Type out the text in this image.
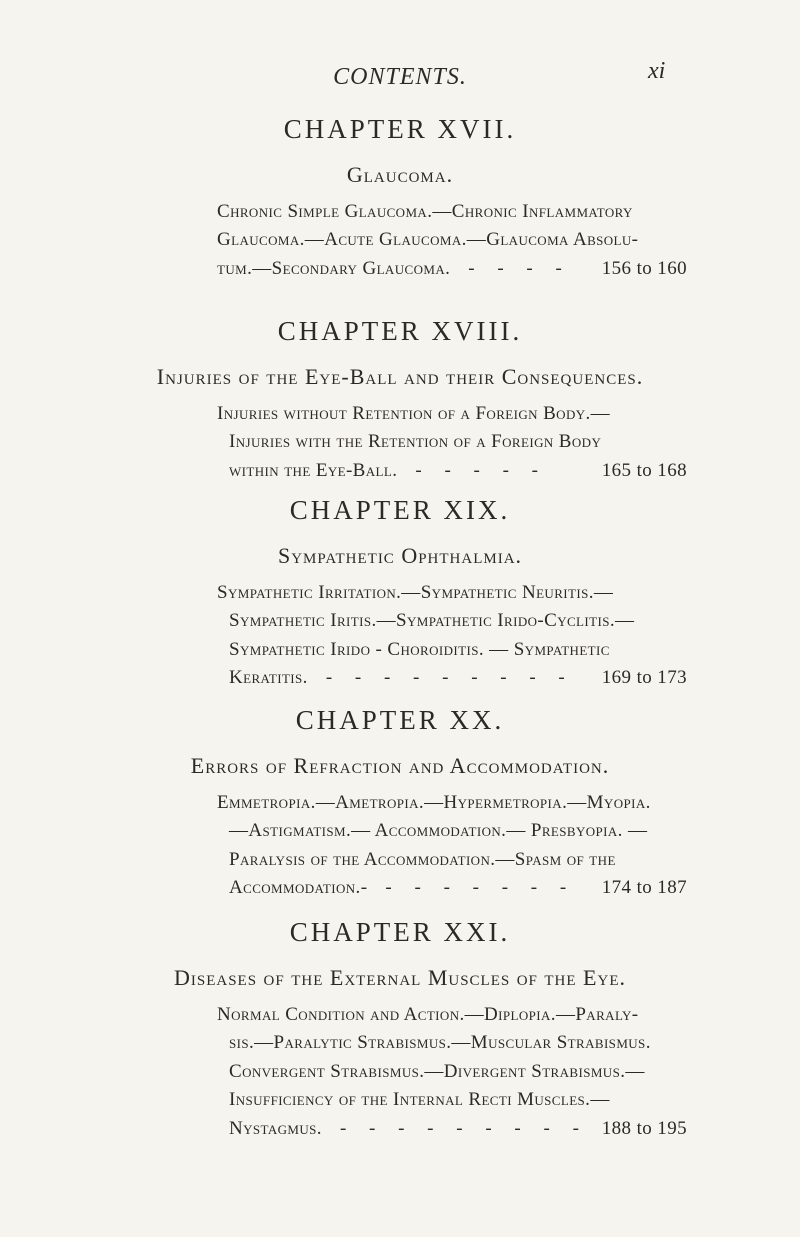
CONTENTS.	xi
CHAPTER XVII.
Glaucoma.
Chronic Simple Glaucoma.—Chronic Inflammatory
Glaucoma.—Acute Glaucoma.—Glaucoma Absolu-
tum.—Secondary Glaucoma. - - - - 156 to 160
CHAPTER XVIII.
Injuries of the Eye-Ball and their Consequences.
Injuries without Retention of a Foreign Body.—
Injuries with the Retention of a Foreign Body
within the Eye-Ball. - - - - -	165 to 168
CHAPTER XIX.
Sympathetic Ophthalmia.
Sympathetic Irritation.—Sympathetic Neuritis.—
Sympathetic Iritis.—Sympathetic Irido-Cyclitis.—
Sympathetic Irido - Choroiditis. — Sympathetic
Keratitis. - - - - - - - - - 169 to 173
CHAPTER XX.
Errors of Refraction and Accommodation.
Emmetropia.—Ametropia.—Hypermetropia.—Myopia.
—Astigmatism.— Accommodation.— Presbyopia. —
Paralysis of the Accommodation.—Spasm of the
Accommodation.- - - - - - - - 174 to 187
CHAPTER XXI.
Diseases of the External Muscles of the Eye.
Normal Condition and Action.—Diplopia.—Paraly-
sis.—Paralytic Strabismus.—Muscular Strabismus.
Convergent Strabismus.—Divergent Strabismus.—
Insufficiency of the Internal Recti Muscles.—
Nystagmus. - - - - - - - - - 188 to 195
